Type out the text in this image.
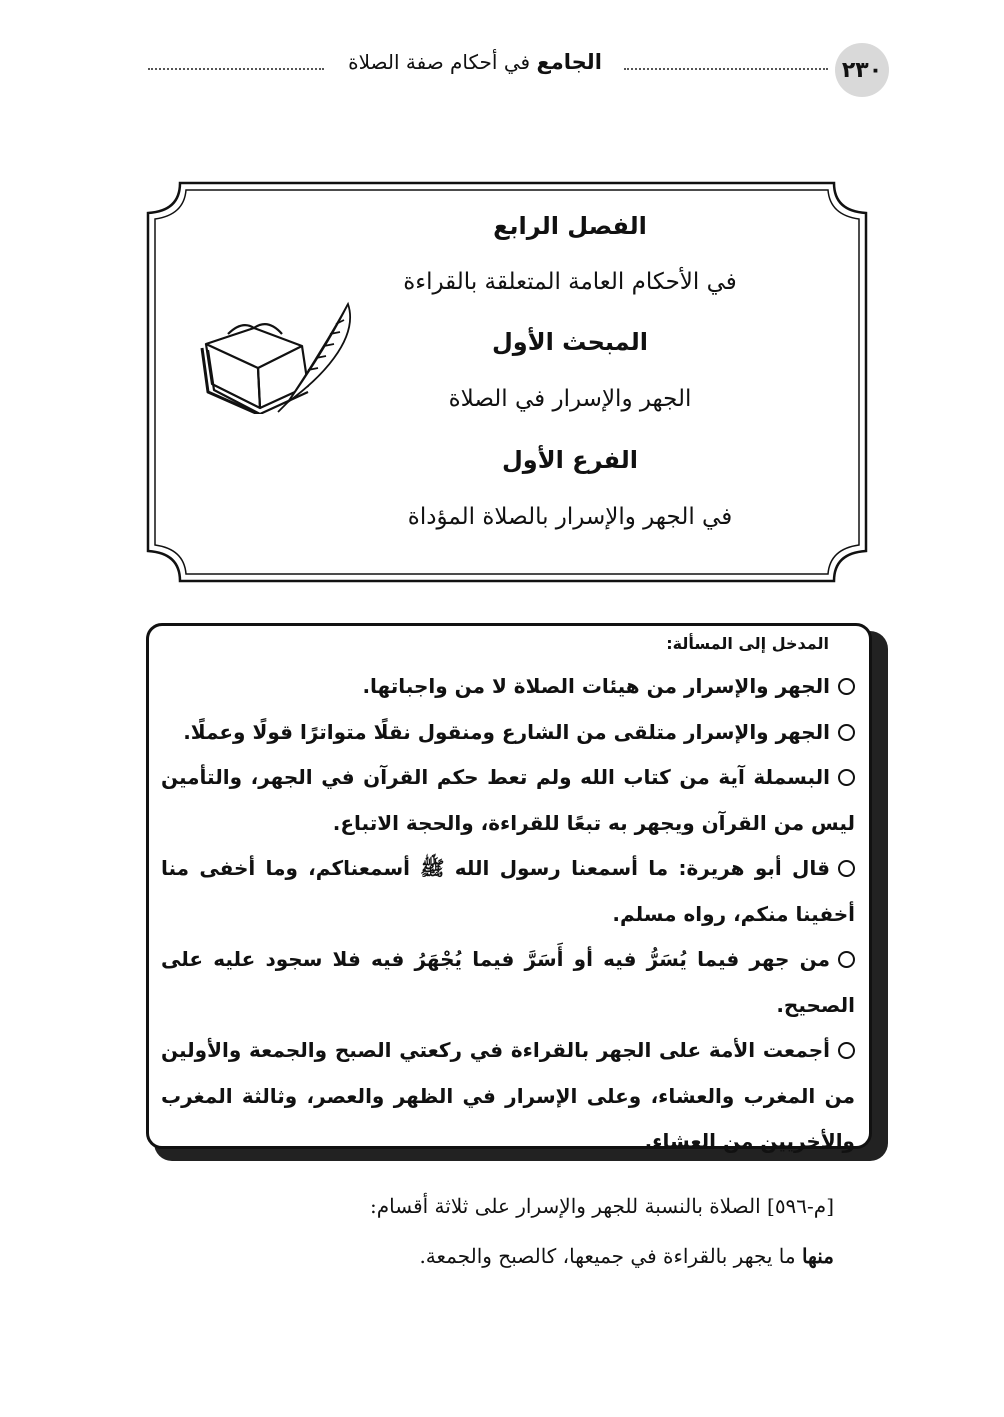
٢٣٠
الجامع في أحكام صفة الصلاة
الفصل الرابع
في الأحكام العامة المتعلقة بالقراءة
المبحث الأول
الجهر والإسرار في الصلاة
الفرع الأول
في الجهر والإسرار بالصلاة المؤداة
المدخل إلى المسألة:

الجهر والإسرار من هيئات الصلاة لا من واجباتها.

الجهر والإسرار متلقى من الشارع ومنقول نقلًا متواترًا قولًا وعملًا.

البسملة آية من كتاب الله ولم تعط حكم القرآن في الجهر، والتأمين ليس من القرآن ويجهر به تبعًا للقراءة، والحجة الاتباع.

قال أبو هريرة: ما أسمعنا رسول الله ﷺ أسمعناكم، وما أخفى منا أخفينا منكم، رواه مسلم.

من جهر فيما يُسَرُّ فيه أو أَسَرَّ فيما يُجْهَرُ فيه فلا سجود عليه على الصحيح.

أجمعت الأمة على الجهر بالقراءة في ركعتي الصبح والجمعة والأولين من المغرب والعشاء، وعلى الإسرار في الظهر والعصر، وثالثة المغرب والأخريين من العشاء.

[م-٥٩٦] الصلاة بالنسبة للجهر والإسرار على ثلاثة أقسام:
منها ما يجهر بالقراءة في جميعها، كالصبح والجمعة.
